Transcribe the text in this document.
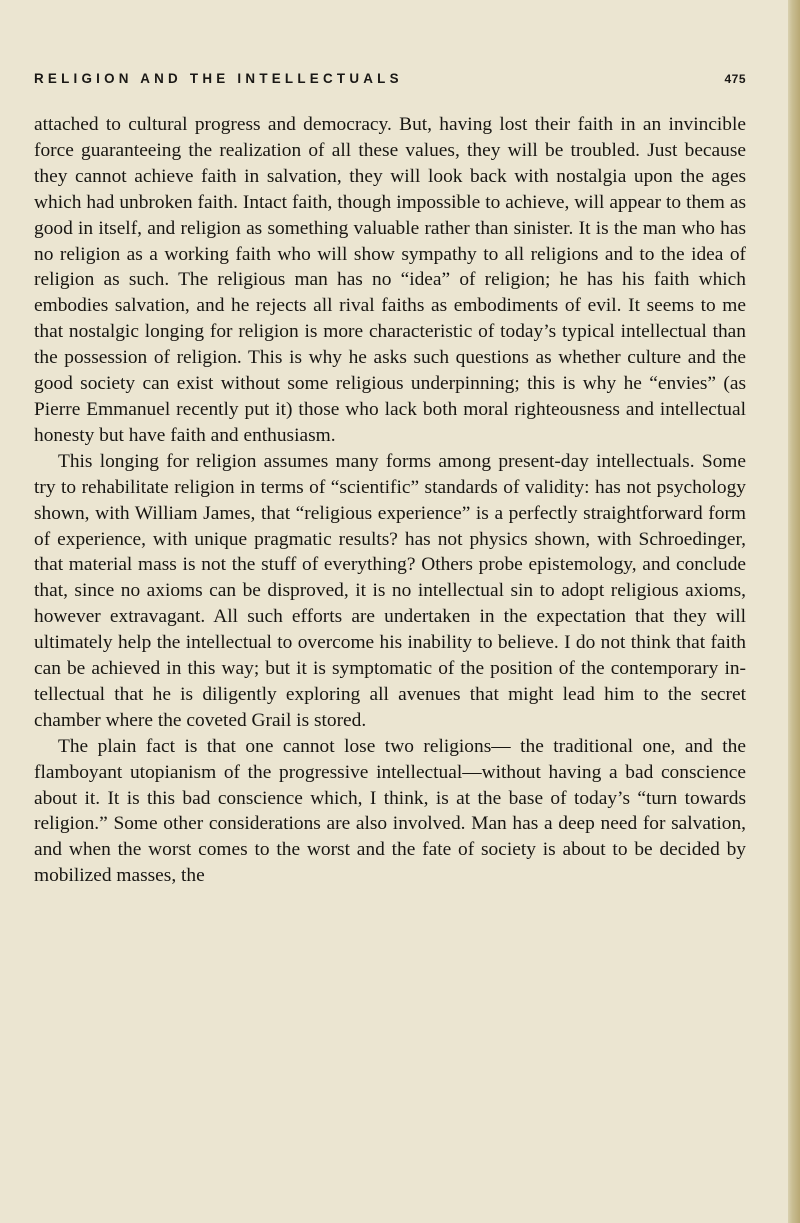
RELIGION AND THE INTELLECTUALS	475

attached to cultural progress and democracy. But, having lost their faith in an invincible force guaranteeing the realization of all these values, they will be troubled. Just because they cannot achieve faith in salvation, they will look back with nostalgia upon the ages which had unbroken faith. Intact faith, though impossible to achieve, will appear to them as good in itself, and religion as something valuable rather than sinister. It is the man who has no religion as a working faith who will show sympathy to all religions and to the idea of religion as such. The religious man has no “idea” of religion; he has his faith which embodies salvation, and he rejects all rival faiths as embodiments of evil. It seems to me that nostalgic longing for religion is more characteristic of today’s typical intellectual than the possession of religion. This is why he asks such questions as whether culture and the good society can exist without some religious underpinning; this is why he “envies” (as Pierre Emmanuel recently put it) those who lack both moral righteousness and intellectual honesty but have faith and enthusiasm.

This longing for religion assumes many forms among present-day intellectuals. Some try to rehabilitate religion in terms of “scientific” standards of validity: has not psychology shown, with William James, that “religious experience” is a perfectly straightforward form of experience, with unique pragmatic results? has not physics shown, with Schroedinger, that material mass is not the stuff of everything? Others probe epistemology, and conclude that, since no axioms can be disproved, it is no intellectual sin to adopt religious axioms, however extravagant. All such efforts are undertaken in the expectation that they will ultimately help the intellectual to overcome his inability to believe. I do not think that faith can be achieved in this way; but it is symptomatic of the position of the contemporary intellectual that he is diligently exploring all avenues that might lead him to the secret chamber where the coveted Grail is stored.

The plain fact is that one cannot lose two religions— the traditional one, and the flamboyant utopianism of the progressive intellectual—without having a bad conscience about it. It is this bad conscience which, I think, is at the base of today’s “turn towards religion.” Some other considerations are also involved. Man has a deep need for salvation, and when the worst comes to the worst and the fate of society is about to be decided by mobilized masses, the
